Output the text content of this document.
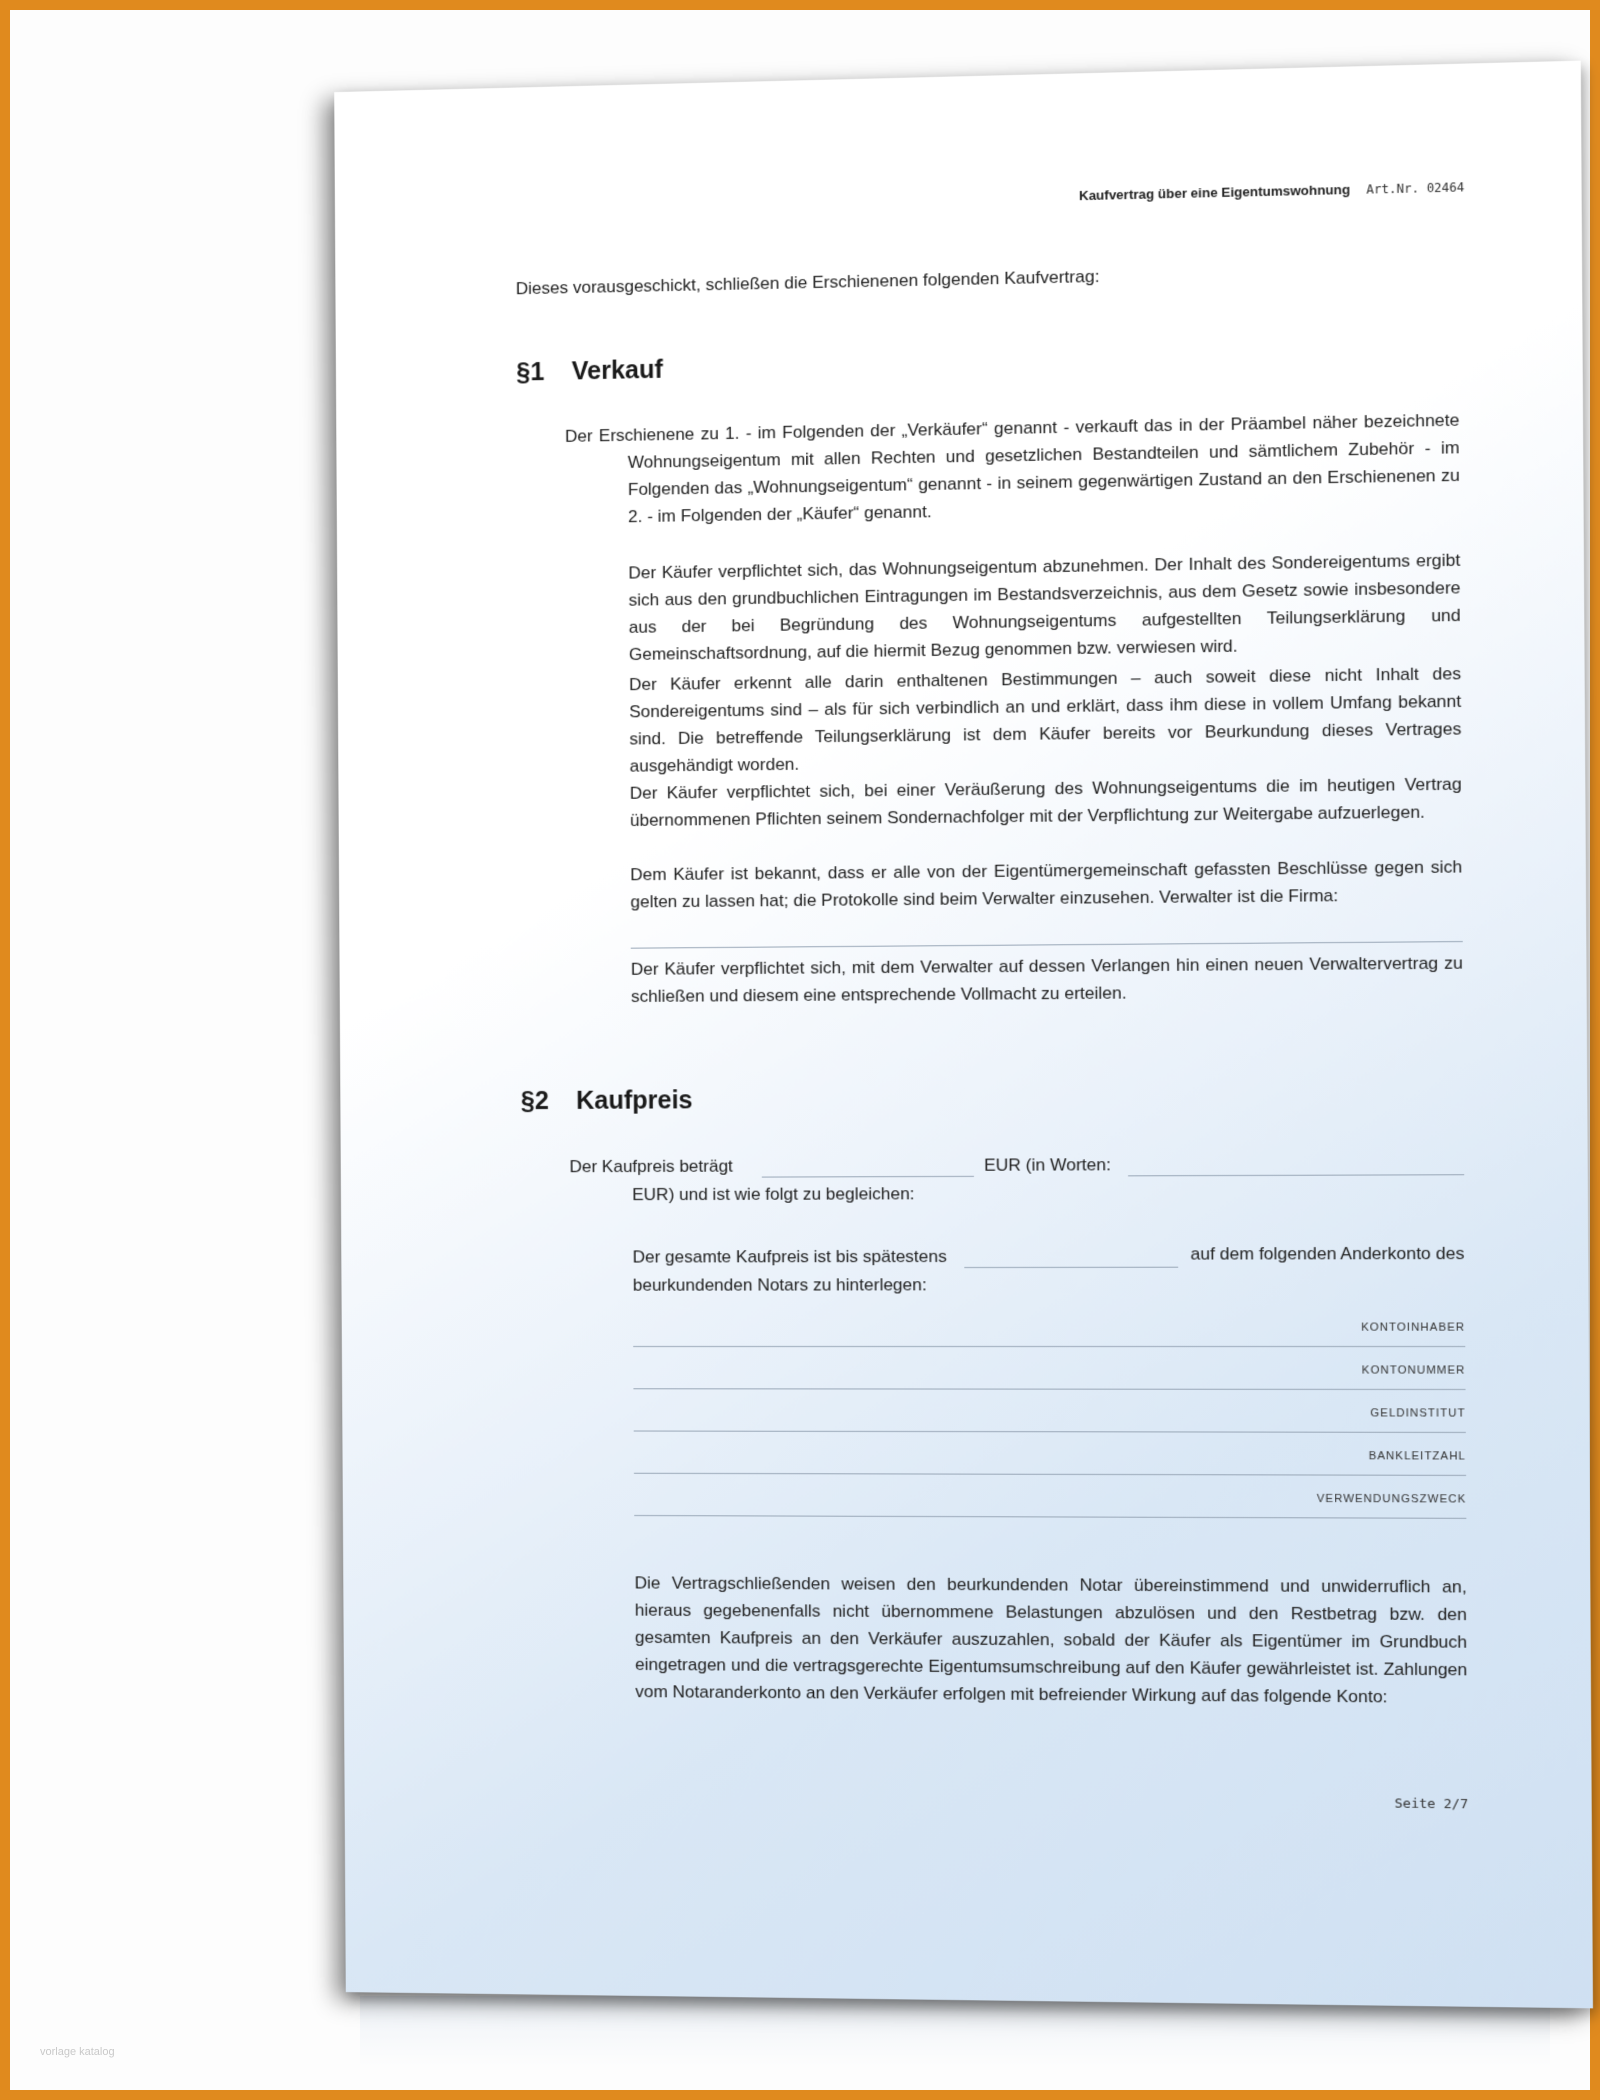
Kaufvertrag über eine Eigentumswohnung Art.Nr. 02464
Dieses vorausgeschickt, schließen die Erschienenen folgenden Kaufvertrag:
§1 Verkauf
Der Erschienene zu 1. - im Folgenden der „Verkäufer“ genannt - verkauft das in der Präambel näher bezeichnete Wohnungseigentum mit allen Rechten und gesetzlichen Bestandteilen und sämtlichem Zubehör - im Folgenden das „Wohnungseigentum“ genannt - in seinem gegenwärtigen Zustand an den Erschienenen zu 2. - im Folgenden der „Käufer“ genannt.
Der Käufer verpflichtet sich, das Wohnungseigentum abzunehmen. Der Inhalt des Sondereigentums ergibt sich aus den grundbuchlichen Eintragungen im Bestandsverzeichnis, aus dem Gesetz sowie insbesondere aus der bei Begründung des Wohnungseigentums aufgestellten Teilungserklärung und Gemeinschaftsordnung, auf die hiermit Bezug genommen bzw. verwiesen wird.
Der Käufer erkennt alle darin enthaltenen Bestimmungen – auch soweit diese nicht Inhalt des Sondereigentums sind – als für sich verbindlich an und erklärt, dass ihm diese in vollem Umfang bekannt sind. Die betreffende Teilungserklärung ist dem Käufer bereits vor Beurkundung dieses Vertrages ausgehändigt worden.
Der Käufer verpflichtet sich, bei einer Veräußerung des Wohnungseigentums die im heutigen Vertrag übernommenen Pflichten seinem Sondernachfolger mit der Verpflichtung zur Weitergabe aufzuerlegen.
Dem Käufer ist bekannt, dass er alle von der Eigentümergemeinschaft gefassten Beschlüsse gegen sich gelten zu lassen hat; die Protokolle sind beim Verwalter einzusehen. Verwalter ist die Firma:
Der Käufer verpflichtet sich, mit dem Verwalter auf dessen Verlangen hin einen neuen Verwaltervertrag zu schließen und diesem eine entsprechende Vollmacht zu erteilen.
§2 Kaufpreis
Der Kaufpreis beträgt	EUR (in Worten:
EUR) und ist wie folgt zu begleichen:
Der gesamte Kaufpreis ist bis spätestens	auf dem folgenden Anderkonto des
beurkundenden Notars zu hinterlegen:
KONTOINHABER
KONTONUMMER
GELDINSTITUT
BANKLEITZAHL
VERWENDUNGSZWECK
Die Vertragschließenden weisen den beurkundenden Notar übereinstimmend und unwiderruflich an, hieraus gegebenenfalls nicht übernommene Belastungen abzulösen und den Restbetrag bzw. den gesamten Kaufpreis an den Verkäufer auszuzahlen, sobald der Käufer als Eigentümer im Grundbuch eingetragen und die vertragsgerechte Eigentumsumschreibung auf den Käufer gewährleistet ist. Zahlungen vom Notaranderkonto an den Verkäufer erfolgen mit befreiender Wirkung auf das folgende Konto:
Seite 2/7
vorlage katalog
